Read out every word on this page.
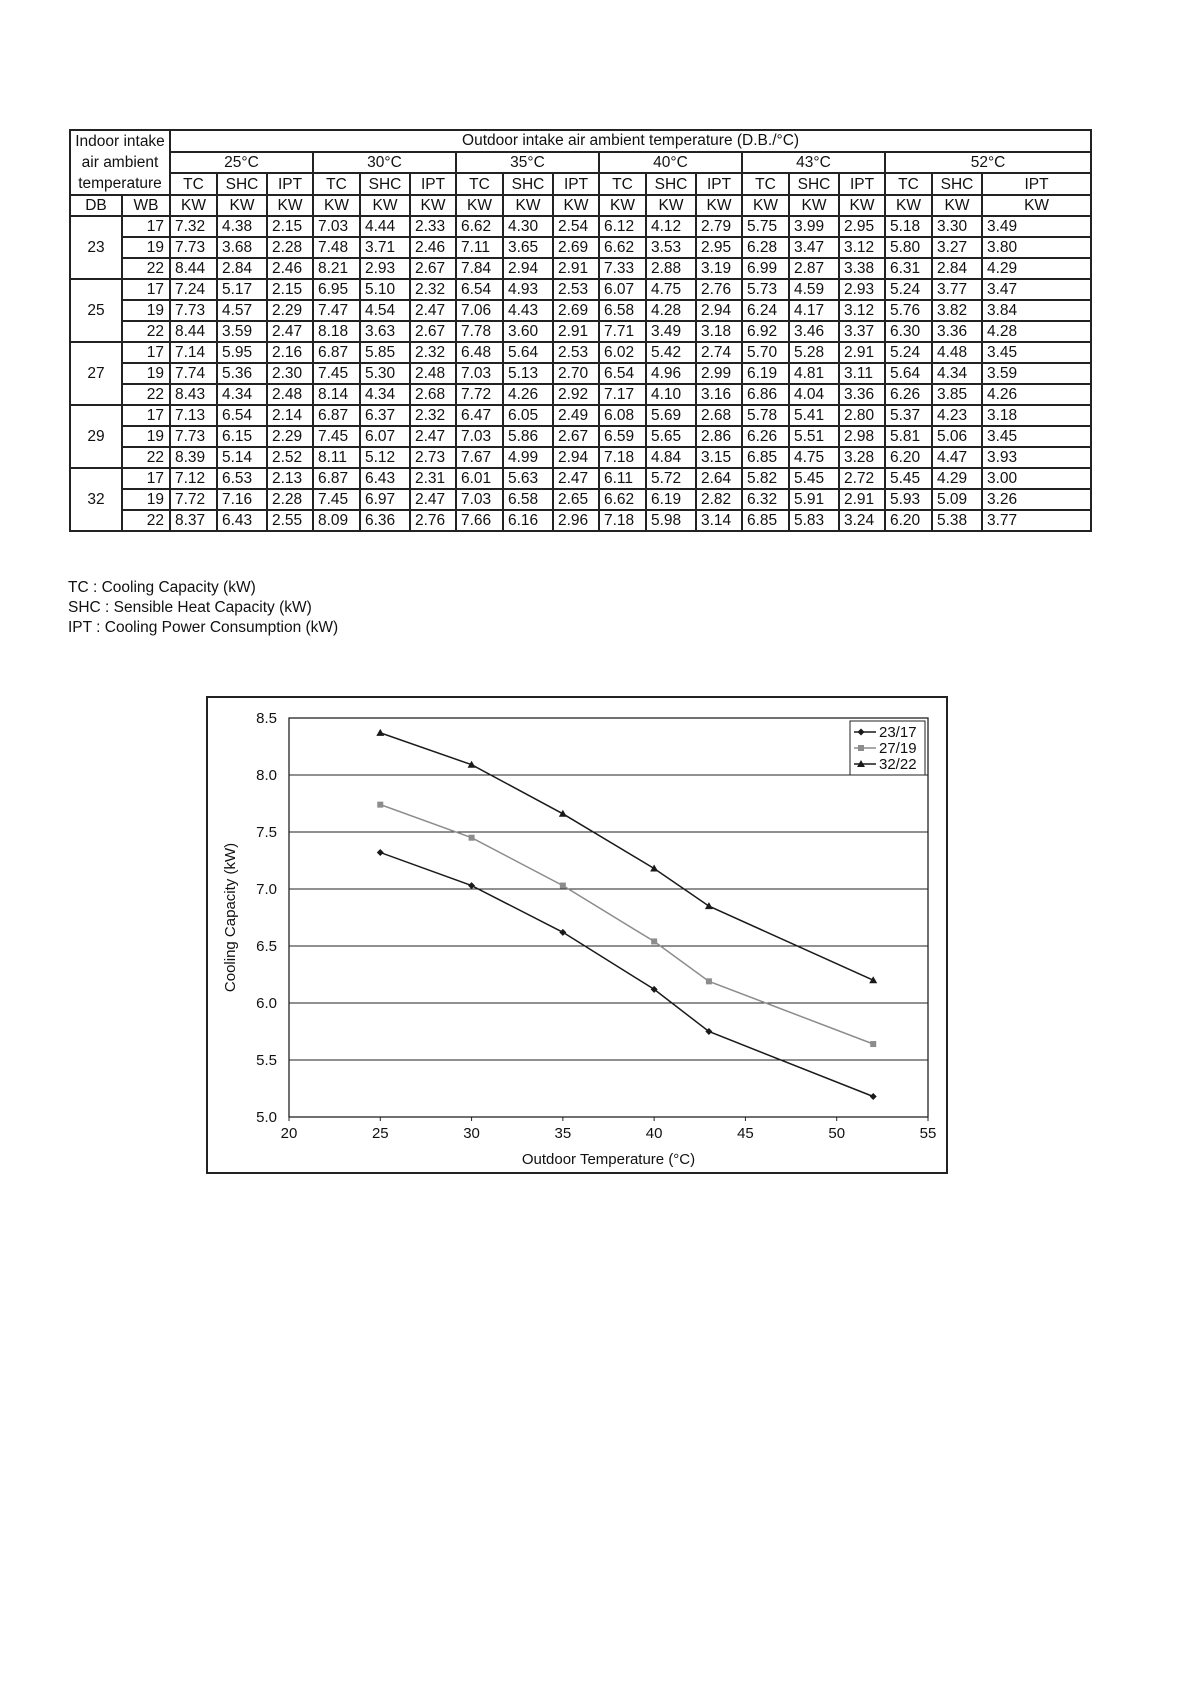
Indoor intake
air ambient
temperature		Outdoor intake air ambient temperature (D.B./°C)																	
		25°C			30°C			35°C			40°C			43°C			52°C		
		TC	SHC	IPT	TC	SHC	IPT	TC	SHC	IPT	TC	SHC	IPT	TC	SHC	IPT	TC	SHC	IPT
DB	WB	KW	KW	KW	KW	KW	KW	KW	KW	KW	KW	KW	KW	KW	KW	KW	KW	KW	KW
23	17	7.32	4.38	2.15	7.03	4.44	2.33	6.62	4.30	2.54	6.12	4.12	2.79	5.75	3.99	2.95	5.18	3.30	3.49
	19	7.73	3.68	2.28	7.48	3.71	2.46	7.11	3.65	2.69	6.62	3.53	2.95	6.28	3.47	3.12	5.80	3.27	3.80
	22	8.44	2.84	2.46	8.21	2.93	2.67	7.84	2.94	2.91	7.33	2.88	3.19	6.99	2.87	3.38	6.31	2.84	4.29
25	17	7.24	5.17	2.15	6.95	5.10	2.32	6.54	4.93	2.53	6.07	4.75	2.76	5.73	4.59	2.93	5.24	3.77	3.47
	19	7.73	4.57	2.29	7.47	4.54	2.47	7.06	4.43	2.69	6.58	4.28	2.94	6.24	4.17	3.12	5.76	3.82	3.84
	22	8.44	3.59	2.47	8.18	3.63	2.67	7.78	3.60	2.91	7.71	3.49	3.18	6.92	3.46	3.37	6.30	3.36	4.28
27	17	7.14	5.95	2.16	6.87	5.85	2.32	6.48	5.64	2.53	6.02	5.42	2.74	5.70	5.28	2.91	5.24	4.48	3.45
	19	7.74	5.36	2.30	7.45	5.30	2.48	7.03	5.13	2.70	6.54	4.96	2.99	6.19	4.81	3.11	5.64	4.34	3.59
	22	8.43	4.34	2.48	8.14	4.34	2.68	7.72	4.26	2.92	7.17	4.10	3.16	6.86	4.04	3.36	6.26	3.85	4.26
29	17	7.13	6.54	2.14	6.87	6.37	2.32	6.47	6.05	2.49	6.08	5.69	2.68	5.78	5.41	2.80	5.37	4.23	3.18
	19	7.73	6.15	2.29	7.45	6.07	2.47	7.03	5.86	2.67	6.59	5.65	2.86	6.26	5.51	2.98	5.81	5.06	3.45
	22	8.39	5.14	2.52	8.11	5.12	2.73	7.67	4.99	2.94	7.18	4.84	3.15	6.85	4.75	3.28	6.20	4.47	3.93
32	17	7.12	6.53	2.13	6.87	6.43	2.31	6.01	5.63	2.47	6.11	5.72	2.64	5.82	5.45	2.72	5.45	4.29	3.00
	19	7.72	7.16	2.28	7.45	6.97	2.47	7.03	6.58	2.65	6.62	6.19	2.82	6.32	5.91	2.91	5.93	5.09	3.26
	22	8.37	6.43	2.55	8.09	6.36	2.76	7.66	6.16	2.96	7.18	5.98	3.14	6.85	5.83	3.24	6.20	5.38	3.77
TC : Cooling Capacity (kW)
SHC : Sensible Heat Capacity (kW)
IPT : Cooling Power Consumption (kW)
5.0
5.5
6.0
6.5
7.0
7.5
8.0
8.5
20	25	30	35	40	45	50	55
Outdoor Temperature (°C)
Cooling Capacity (kW)
23/17
27/19
32/22
